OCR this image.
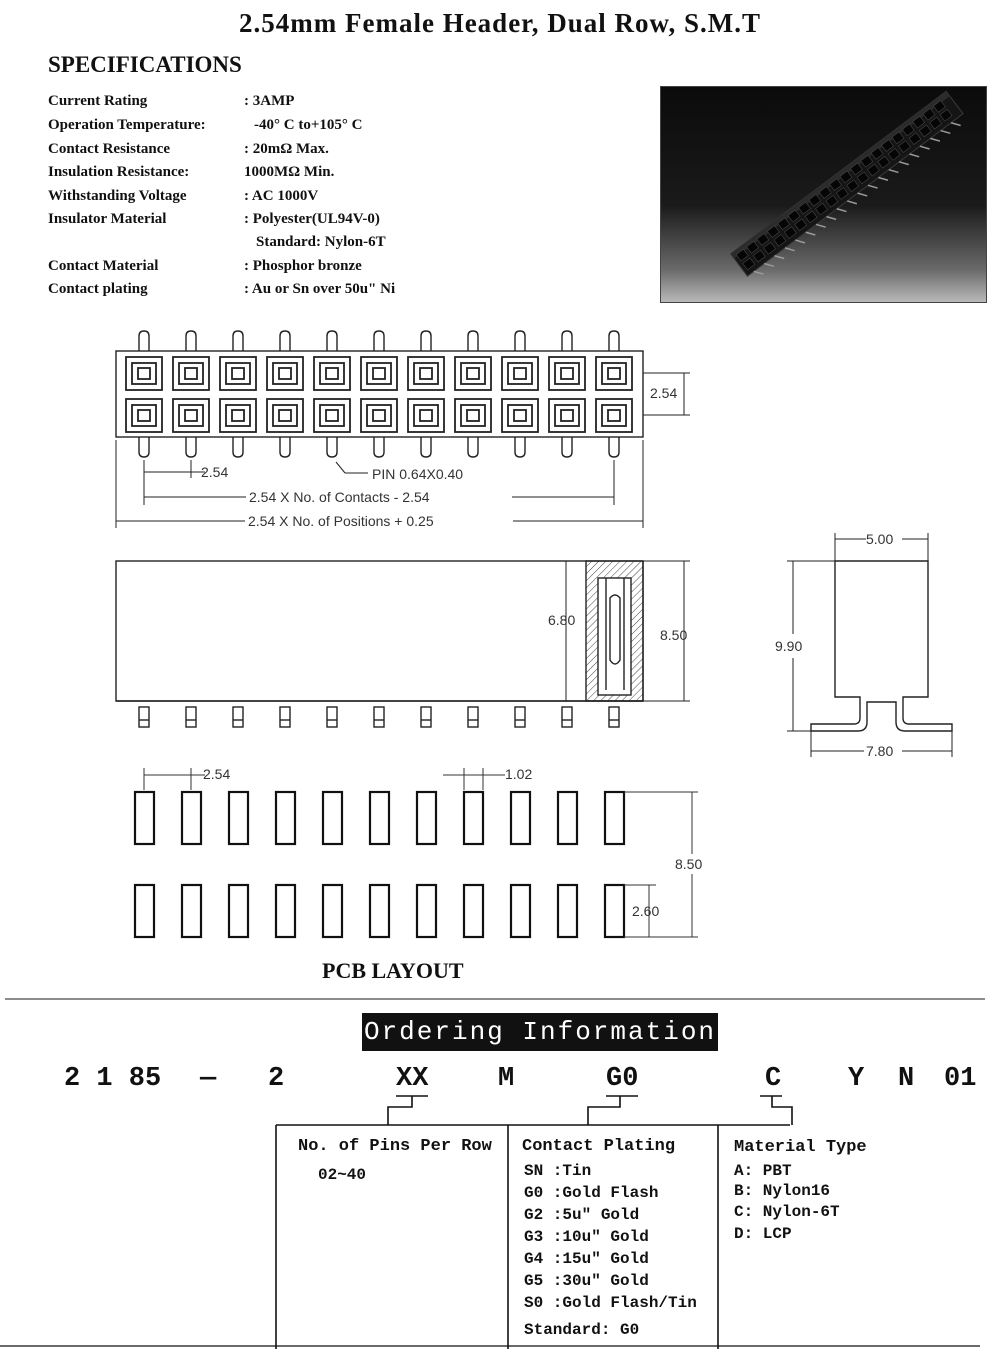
2.54mm Female Header, Dual Row, S.M.T
SPECIFICATIONS
Current Rating	: 3AMP
Operation Temperature:	-40° C to+105° C
Contact Resistance	: 20mΩ Max.
Insulation Resistance:	1000MΩ Min.
Withstanding Voltage	: AC 1000V
Insulator Material	: Polyester(UL94V-0)
Standard: Nylon-6T
Contact Material	: Phosphor bronze
Contact plating	: Au or Sn over 50u" Ni
2.54
2.54	PIN 0.64X0.40
2.54 X No. of Contacts - 2.54
2.54 X No. of Positions + 0.25
6.80
8.50
5.00
9.90
7.80
2.54	1.02
8.50
2.60
PCB LAYOUT
Ordering Information
2 1 85 — 2	XX	M	G0	C Y N 01
No. of Pins Per Row
02~40
Contact Plating
SN :Tin
G0 :Gold Flash
G2 :5u" Gold
G3 :10u" Gold
G4 :15u" Gold
G5 :30u" Gold
S0 :Gold Flash/Tin
Standard: G0
Material Type
A: PBT
B: Nylon16
C: Nylon-6T
D: LCP
